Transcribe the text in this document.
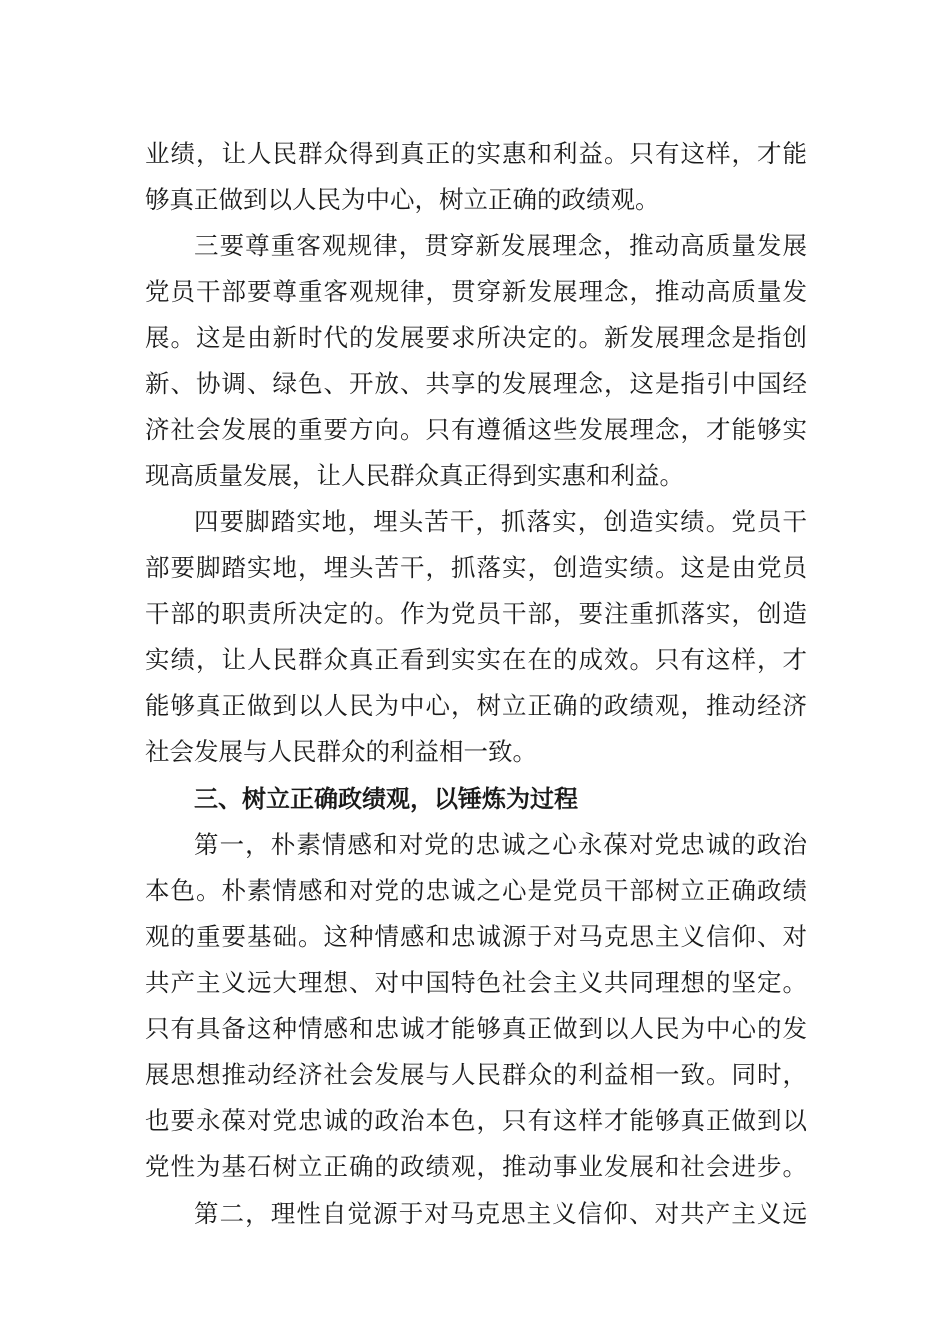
业绩，让人民群众得到真正的实惠和利益。只有这样，才能
够真正做到以人民为中心，树立正确的政绩观。
三要尊重客观规律，贯穿新发展理念，推动高质量发展
党员干部要尊重客观规律，贯穿新发展理念，推动高质量发
展。这是由新时代的发展要求所决定的。新发展理念是指创
新、协调、绿色、开放、共享的发展理念，这是指引中国经
济社会发展的重要方向。只有遵循这些发展理念，才能够实
现高质量发展，让人民群众真正得到实惠和利益。
四要脚踏实地，埋头苦干，抓落实，创造实绩。党员干
部要脚踏实地，埋头苦干，抓落实，创造实绩。这是由党员
干部的职责所决定的。作为党员干部，要注重抓落实，创造
实绩，让人民群众真正看到实实在在的成效。只有这样，才
能够真正做到以人民为中心，树立正确的政绩观，推动经济
社会发展与人民群众的利益相一致。
三、树立正确政绩观，以锤炼为过程
第一，朴素情感和对党的忠诚之心永葆对党忠诚的政治
本色。朴素情感和对党的忠诚之心是党员干部树立正确政绩
观的重要基础。这种情感和忠诚源于对马克思主义信仰、对
共产主义远大理想、对中国特色社会主义共同理想的坚定。
只有具备这种情感和忠诚才能够真正做到以人民为中心的发
展思想推动经济社会发展与人民群众的利益相一致。同时，
也要永葆对党忠诚的政治本色，只有这样才能够真正做到以
党性为基石树立正确的政绩观，推动事业发展和社会进步。
第二，理性自觉源于对马克思主义信仰、对共产主义远
